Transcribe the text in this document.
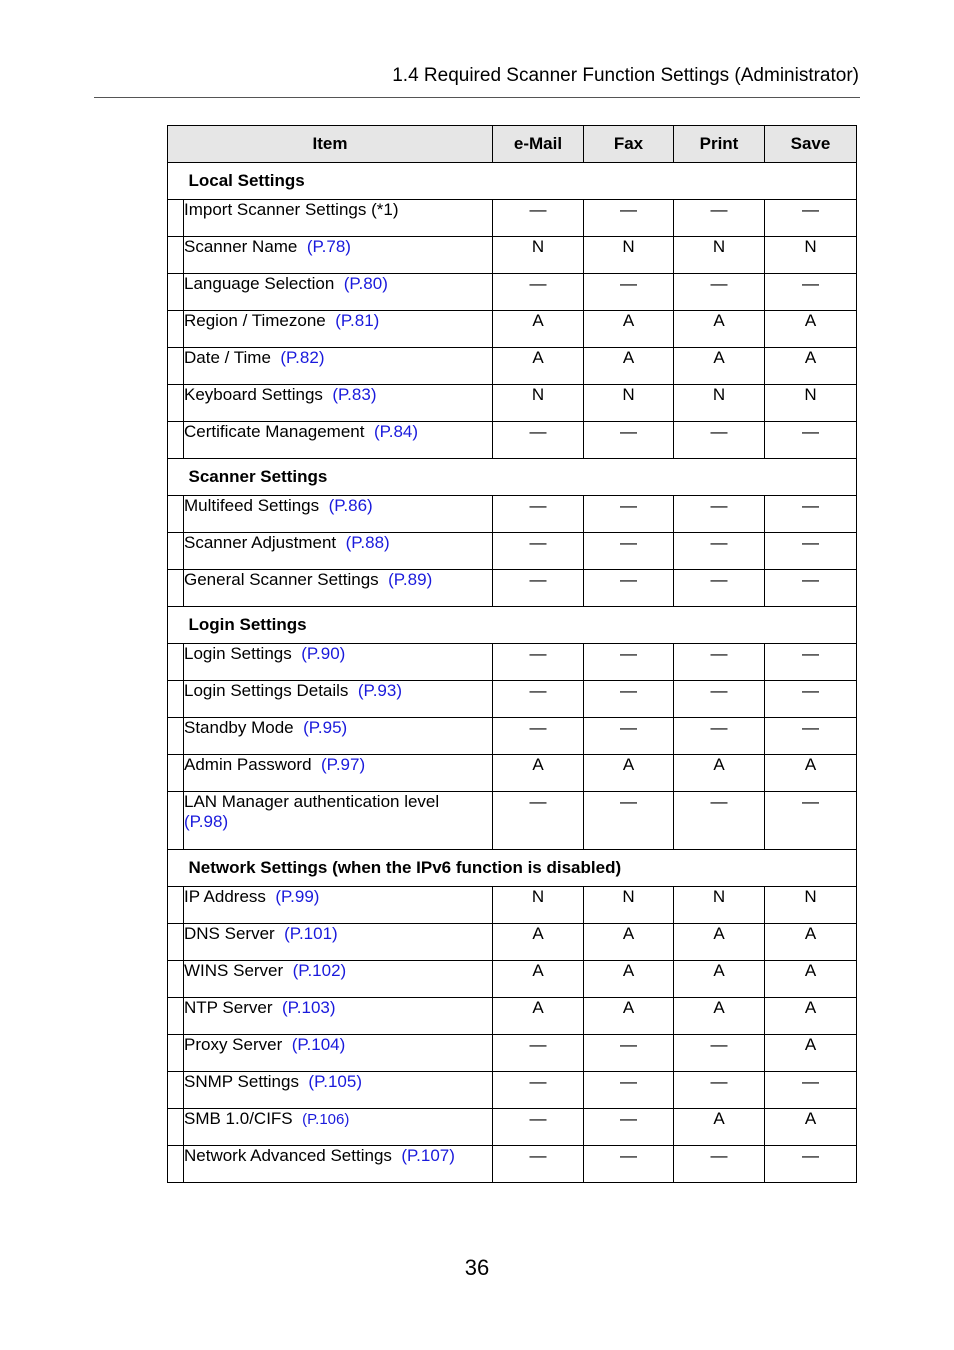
1.4 Required Scanner Function Settings (Administrator)
Item		e-Mail	Fax	Print	Save
	Local Settings				
	Import Scanner Settings (*1)	—	—	—	—
	Scanner Name (P.78)	N	N	N	N
	Language Selection (P.80)	—	—	—	—
	Region / Timezone (P.81)	A	A	A	A
	Date / Time (P.82)	A	A	A	A
	Keyboard Settings (P.83)	N	N	N	N
	Certificate Management (P.84)	—	—	—	—
	Scanner Settings				
	Multifeed Settings (P.86)	—	—	—	—
	Scanner Adjustment (P.88)	—	—	—	—
	General Scanner Settings (P.89)	—	—	—	—
	Login Settings				
	Login Settings (P.90)	—	—	—	—
	Login Settings Details (P.93)	—	—	—	—
	Standby Mode (P.95)	—	—	—	—
	Admin Password (P.97)	A	A	A	A
	LAN Manager authentication level
(P.98)	—	—	—	—
	Network Settings (when the IPv6 function is disabled)				
	IP Address (P.99)	N	N	N	N
	DNS Server (P.101)	A	A	A	A
	WINS Server (P.102)	A	A	A	A
	NTP Server (P.103)	A	A	A	A
	Proxy Server (P.104)	—	—	—	A
	SNMP Settings (P.105)	—	—	—	—
	SMB 1.0/CIFS (P.106)	—	—	A	A
	Network Advanced Settings (P.107)	—	—	—	—
36
